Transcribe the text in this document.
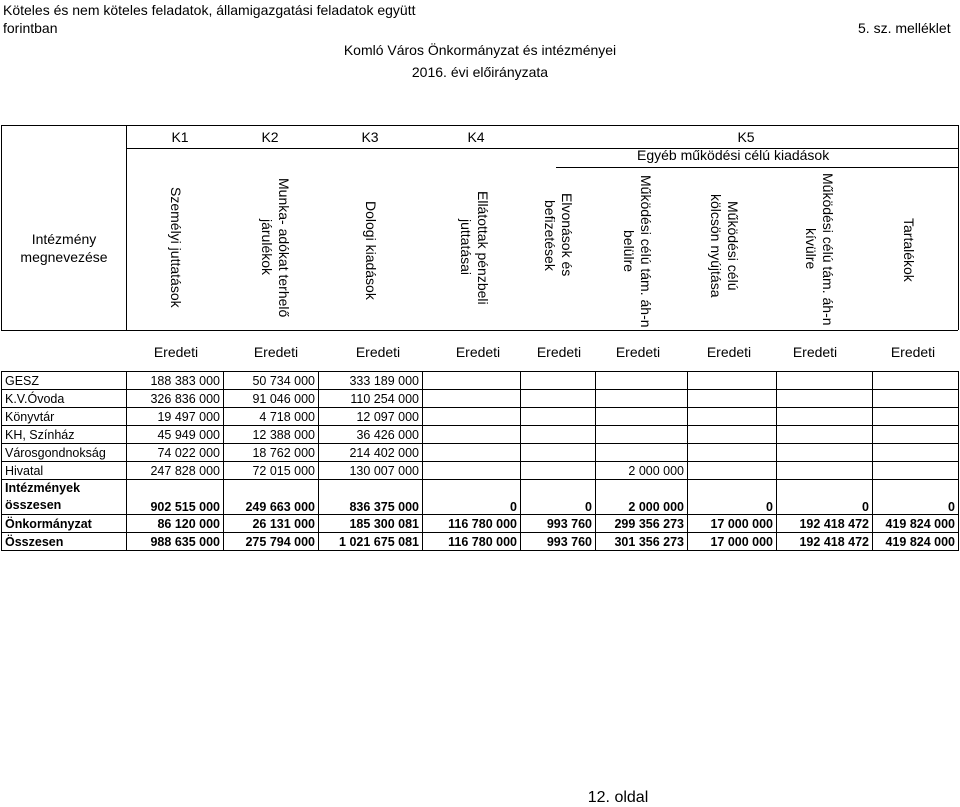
Köteles és nem köteles feladatok, államigazgatási feladatok együtt
forintban	5. sz. melléklet
Komló Város Önkormányzat és intézményei
2016. évi előirányzata
K1	K2	K3	K4	K5
Egyéb működési célú kiadások
Intézmény megnevezése	Személyi juttatások	Munka- adókat terhelő járulékok	Dologi kiadások	Ellátottak pénzbeli juttatásai	Elvonások és befizetések	Működési célú tám. áh-n belülre	Működési célú kölcsön nyújtása	Működési célú tám. áh-n kívülre	Tartalékok
Eredeti	Eredeti	Eredeti	Eredeti	Eredeti	Eredeti	Eredeti	Eredeti	Eredeti
GESZ	188 383 000	50 734 000	333 189 000						
K.V.Óvoda	326 836 000	91 046 000	110 254 000						
Könyvtár	19 497 000	4 718 000	12 097 000						
KH, Színház	45 949 000	12 388 000	36 426 000						
Városgondnokság	74 022 000	18 762 000	214 402 000						
Hivatal	247 828 000	72 015 000	130 007 000			2 000 000			
Intézmények összesen	902 515 000	249 663 000	836 375 000	0	0	2 000 000	0	0	0
Önkormányzat	86 120 000	26 131 000	185 300 081	116 780 000	993 760	299 356 273	17 000 000	192 418 472	419 824 000
Összesen	988 635 000	275 794 000	1 021 675 081	116 780 000	993 760	301 356 273	17 000 000	192 418 472	419 824 000
12. oldal
